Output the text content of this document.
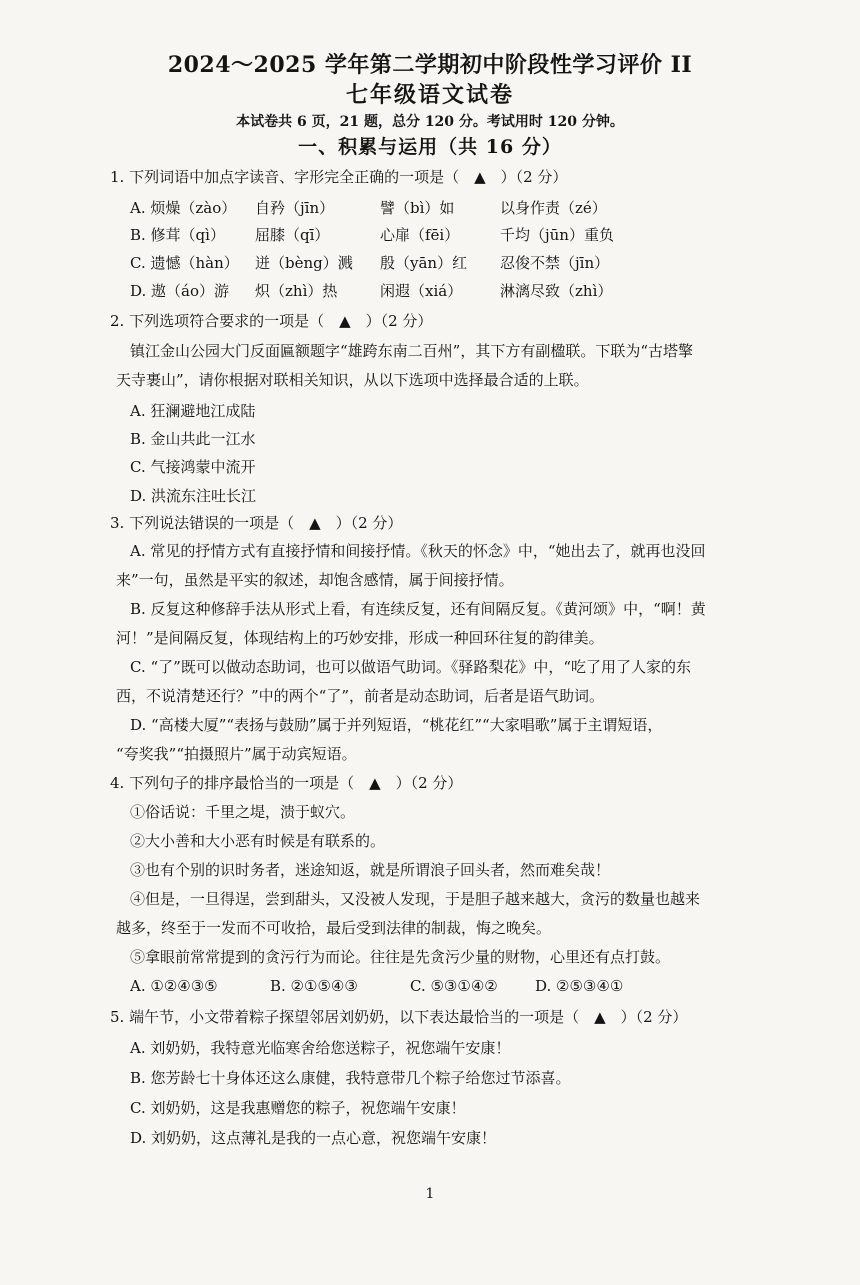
2024～2025 学年第二学期初中阶段性学习评价 II
七年级语文试卷
本试卷共 6 页，21 题，总分 120 分。考试用时 120 分钟。
一、积累与运用（共 16 分）
1. 下列词语中加点字读音、字形完全正确的一项是（　▲　）（2 分）
A. 烦燥（zào） 自矜（jīn）	譬（bì）如	以身作责（zé）
B. 修茸（qì） 屈膝（qī）	心扉（fēi）	千均（jūn）重负
C. 遗憾（hàn） 迸（bèng）溅 殷（yān）红 忍俊不禁（jīn）
D. 遨（áo）游 炽（zhì）热	闲遐（xiá）	淋漓尽致（zhì）
2. 下列选项符合要求的一项是（　▲　）（2 分）
镇江金山公园大门反面匾额题字“雄跨东南二百州”，其下方有副楹联。下联为“古塔擎
天寺裹山”，请你根据对联相关知识，从以下选项中选择最合适的上联。
A. 狂澜避地江成陆
B. 金山共此一江水
C. 气接鸿蒙中流开
D. 洪流东注吐长江
3. 下列说法错误的一项是（　▲　）（2 分）
A. 常见的抒情方式有直接抒情和间接抒情。《秋天的怀念》中，“她出去了，就再也没回
来”一句，虽然是平实的叙述，却饱含感情，属于间接抒情。
B. 反复这种修辞手法从形式上看，有连续反复，还有间隔反复。《黄河颂》中，“啊！黄
河！”是间隔反复，体现结构上的巧妙安排，形成一种回环往复的韵律美。
C. “了”既可以做动态助词，也可以做语气助词。《驿路梨花》中，“吃了用了人家的东
西，不说清楚还行？”中的两个“了”，前者是动态助词，后者是语气助词。
D. “高楼大厦”“表扬与鼓励”属于并列短语，“桃花红”“大家唱歌”属于主谓短语，
“夸奖我”“拍摄照片”属于动宾短语。
4. 下列句子的排序最恰当的一项是（　▲　）（2 分）
①俗话说：千里之堤，溃于蚁穴。
②大小善和大小恶有时候是有联系的。
③也有个别的识时务者，迷途知返，就是所谓浪子回头者，然而难矣哉！
④但是，一旦得逞，尝到甜头，又没被人发现，于是胆子越来越大，贪污的数量也越来
越多，终至于一发而不可收拾，最后受到法律的制裁，悔之晚矣。
⑤拿眼前常常提到的贪污行为而论。往往是先贪污少量的财物，心里还有点打鼓。
A. ①②④③⑤	B. ②①⑤④③	C. ⑤③①④② D. ②⑤③④①
5. 端午节，小文带着粽子探望邻居刘奶奶，以下表达最恰当的一项是（　▲　）（2 分）
A. 刘奶奶，我特意光临寒舍给您送粽子，祝您端午安康！
B. 您芳龄七十身体还这么康健，我特意带几个粽子给您过节添喜。
C. 刘奶奶，这是我惠赠您的粽子，祝您端午安康！
D. 刘奶奶，这点薄礼是我的一点心意，祝您端午安康！
1
